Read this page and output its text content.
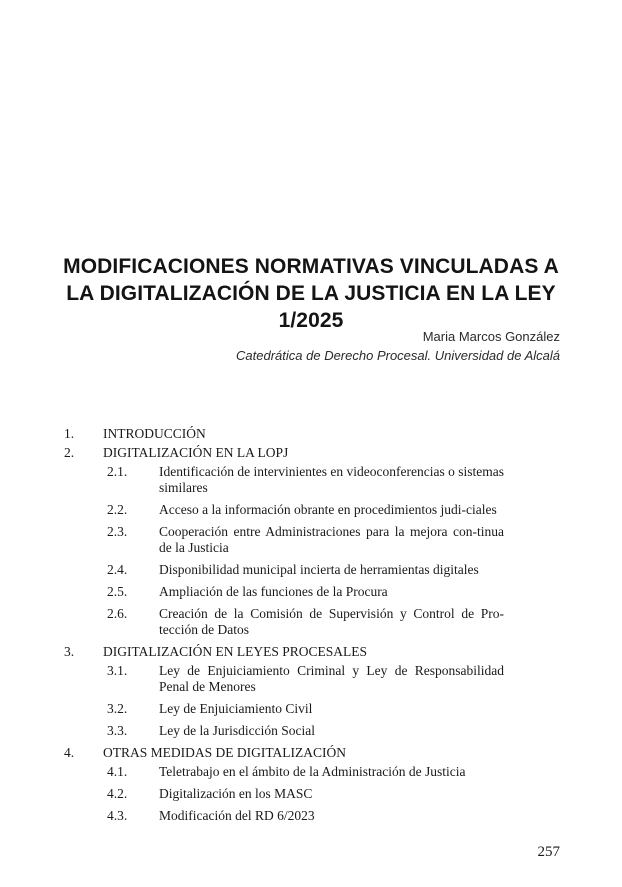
MODIFICACIONES NORMATIVAS VINCULADAS A
LA DIGITALIZACIÓN DE LA JUSTICIA EN LA LEY
1/2025
Maria Marcos González
Catedrática de Derecho Procesal. Universidad de Alcalá
1. INTRODUCCIÓN
2. DIGITALIZACIÓN EN LA LOPJ
2.1. Identificación de intervinientes en videoconferencias o sistemas similares
2.2. Acceso a la información obrante en procedimientos judi-ciales
2.3. Cooperación entre Administraciones para la mejora con-tinua de la Justicia
2.4. Disponibilidad municipal incierta de herramientas digitales
2.5. Ampliación de las funciones de la Procura
2.6. Creación de la Comisión de Supervisión y Control de Pro-tección de Datos
3. DIGITALIZACIÓN EN LEYES PROCESALES
3.1. Ley de Enjuiciamiento Criminal y Ley de Responsabilidad Penal de Menores
3.2. Ley de Enjuiciamiento Civil
3.3. Ley de la Jurisdicción Social
4. OTRAS MEDIDAS DE DIGITALIZACIÓN
4.1. Teletrabajo en el ámbito de la Administración de Justicia
4.2. Digitalización en los MASC
4.3. Modificación del RD 6/2023
257
